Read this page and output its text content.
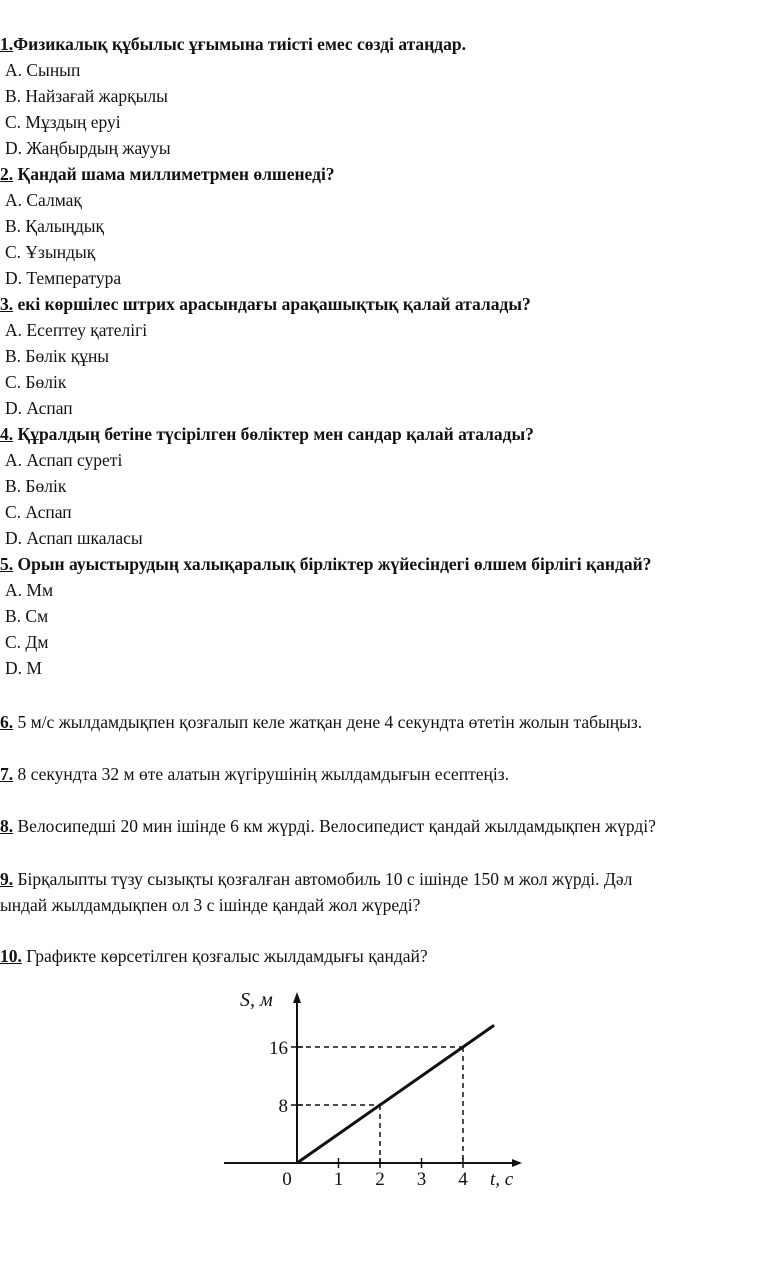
1.Физикалық құбылыс ұғымына тиісті емес сөзді атаңдар.
A. Сынып
B. Найзағай жарқылы
C. Мұздың еруі
D. Жаңбырдың жаууы
2. Қандай шама миллиметрмен өлшенеді?
A. Салмақ
B. Қалыңдық
C. Ұзындық
D. Температура
3. екі көршілес штрих арасындағы арақашықтық қалай аталады?
A. Есептеу қателігі
B. Бөлік құны
C. Бөлік
D. Аспап
4. Құралдың бетіне түсірілген бөліктер мен сандар қалай аталады?
A. Аспап суреті
B. Бөлік
C. Аспап
D. Аспап шкаласы
5. Орын ауыстырудың халықаралық бірліктер жүйесіндегі өлшем бірлігі қандай?
A. Мм
B. См
C. Дм
D. М
6. 5 м/с жылдамдықпен қозғалып келе жатқан дене 4 секундта өтетін жолын табыңыз.
7. 8 секундта 32 м өте алатын жүгірушінің жылдамдығын есептеңіз.
8. Велосипедші 20 мин ішінде 6 км жүрді. Велосипедист қандай жылдамдықпен жүрді?
9. Бірқалыпты түзу сызықты қозғалған автомобиль 10 с ішінде 150 м жол жүрді. Дәл
ындай жылдамдықпен ол 3 с ішінде қандай жол жүреді?
10. Графикте көрсетілген қозғалыс жылдамдығы қандай?
0 1 2 3 4
8
16
S, м
t, с
